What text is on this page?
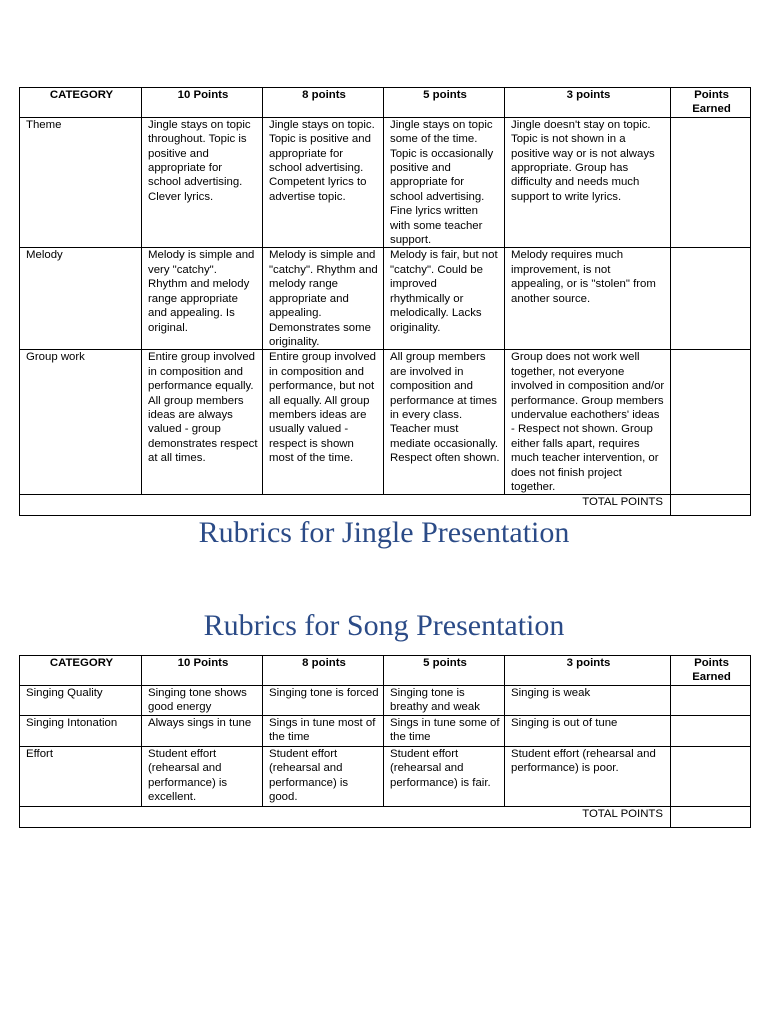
CATEGORY	10 Points	8 points	5 points	3 points	Points Earned
Theme	Jingle stays on topic throughout. Topic is positive and appropriate for school advertising. Clever lyrics.	Jingle stays on topic. Topic is positive and appropriate for school advertising. Competent lyrics to advertise topic.	Jingle stays on topic some of the time. Topic is occasionally positive and appropriate for school advertising. Fine lyrics written with some teacher support.	Jingle doesn't stay on topic. Topic is not shown in a positive way or is not always appropriate. Group has difficulty and needs much support to write lyrics.	
Melody	Melody is simple and very "catchy". Rhythm and melody range appropriate and appealing. Is original.	Melody is simple and "catchy". Rhythm and melody range appropriate and appealing. Demonstrates some originality.	Melody is fair, but not "catchy". Could be improved rhythmically or melodically. Lacks originality.	Melody requires much improvement, is not appealing, or is "stolen" from another source.	
Group work	Entire group involved in composition and performance equally. All group members ideas are always valued - group demonstrates respect at all times.	Entire group involved in composition and performance, but not all equally. All group members ideas are usually valued - respect is shown most of the time.	All group members are involved in composition and performance at times in every class. Teacher must mediate occasionally. Respect often shown.	Group does not work well together, not everyone involved in composition and/or performance. Group members undervalue eachothers' ideas - Respect not shown. Group either falls apart, requires much teacher intervention, or does not finish project together.	
TOTAL POINTS					
Rubrics for Jingle Presentation
Rubrics for Song Presentation
CATEGORY	10 Points	8 points	5 points	3 points	Points Earned
Singing Quality	Singing tone shows good energy	Singing tone is forced	Singing tone is breathy and weak	Singing is weak	
Singing Intonation	Always sings in tune	Sings in tune most of the time	Sings in tune some of the time	Singing is out of tune	
Effort	Student effort (rehearsal and performance) is excellent.	Student effort (rehearsal and performance) is good.	Student effort (rehearsal and performance) is fair.	Student effort (rehearsal and performance) is poor.	
TOTAL POINTS					
